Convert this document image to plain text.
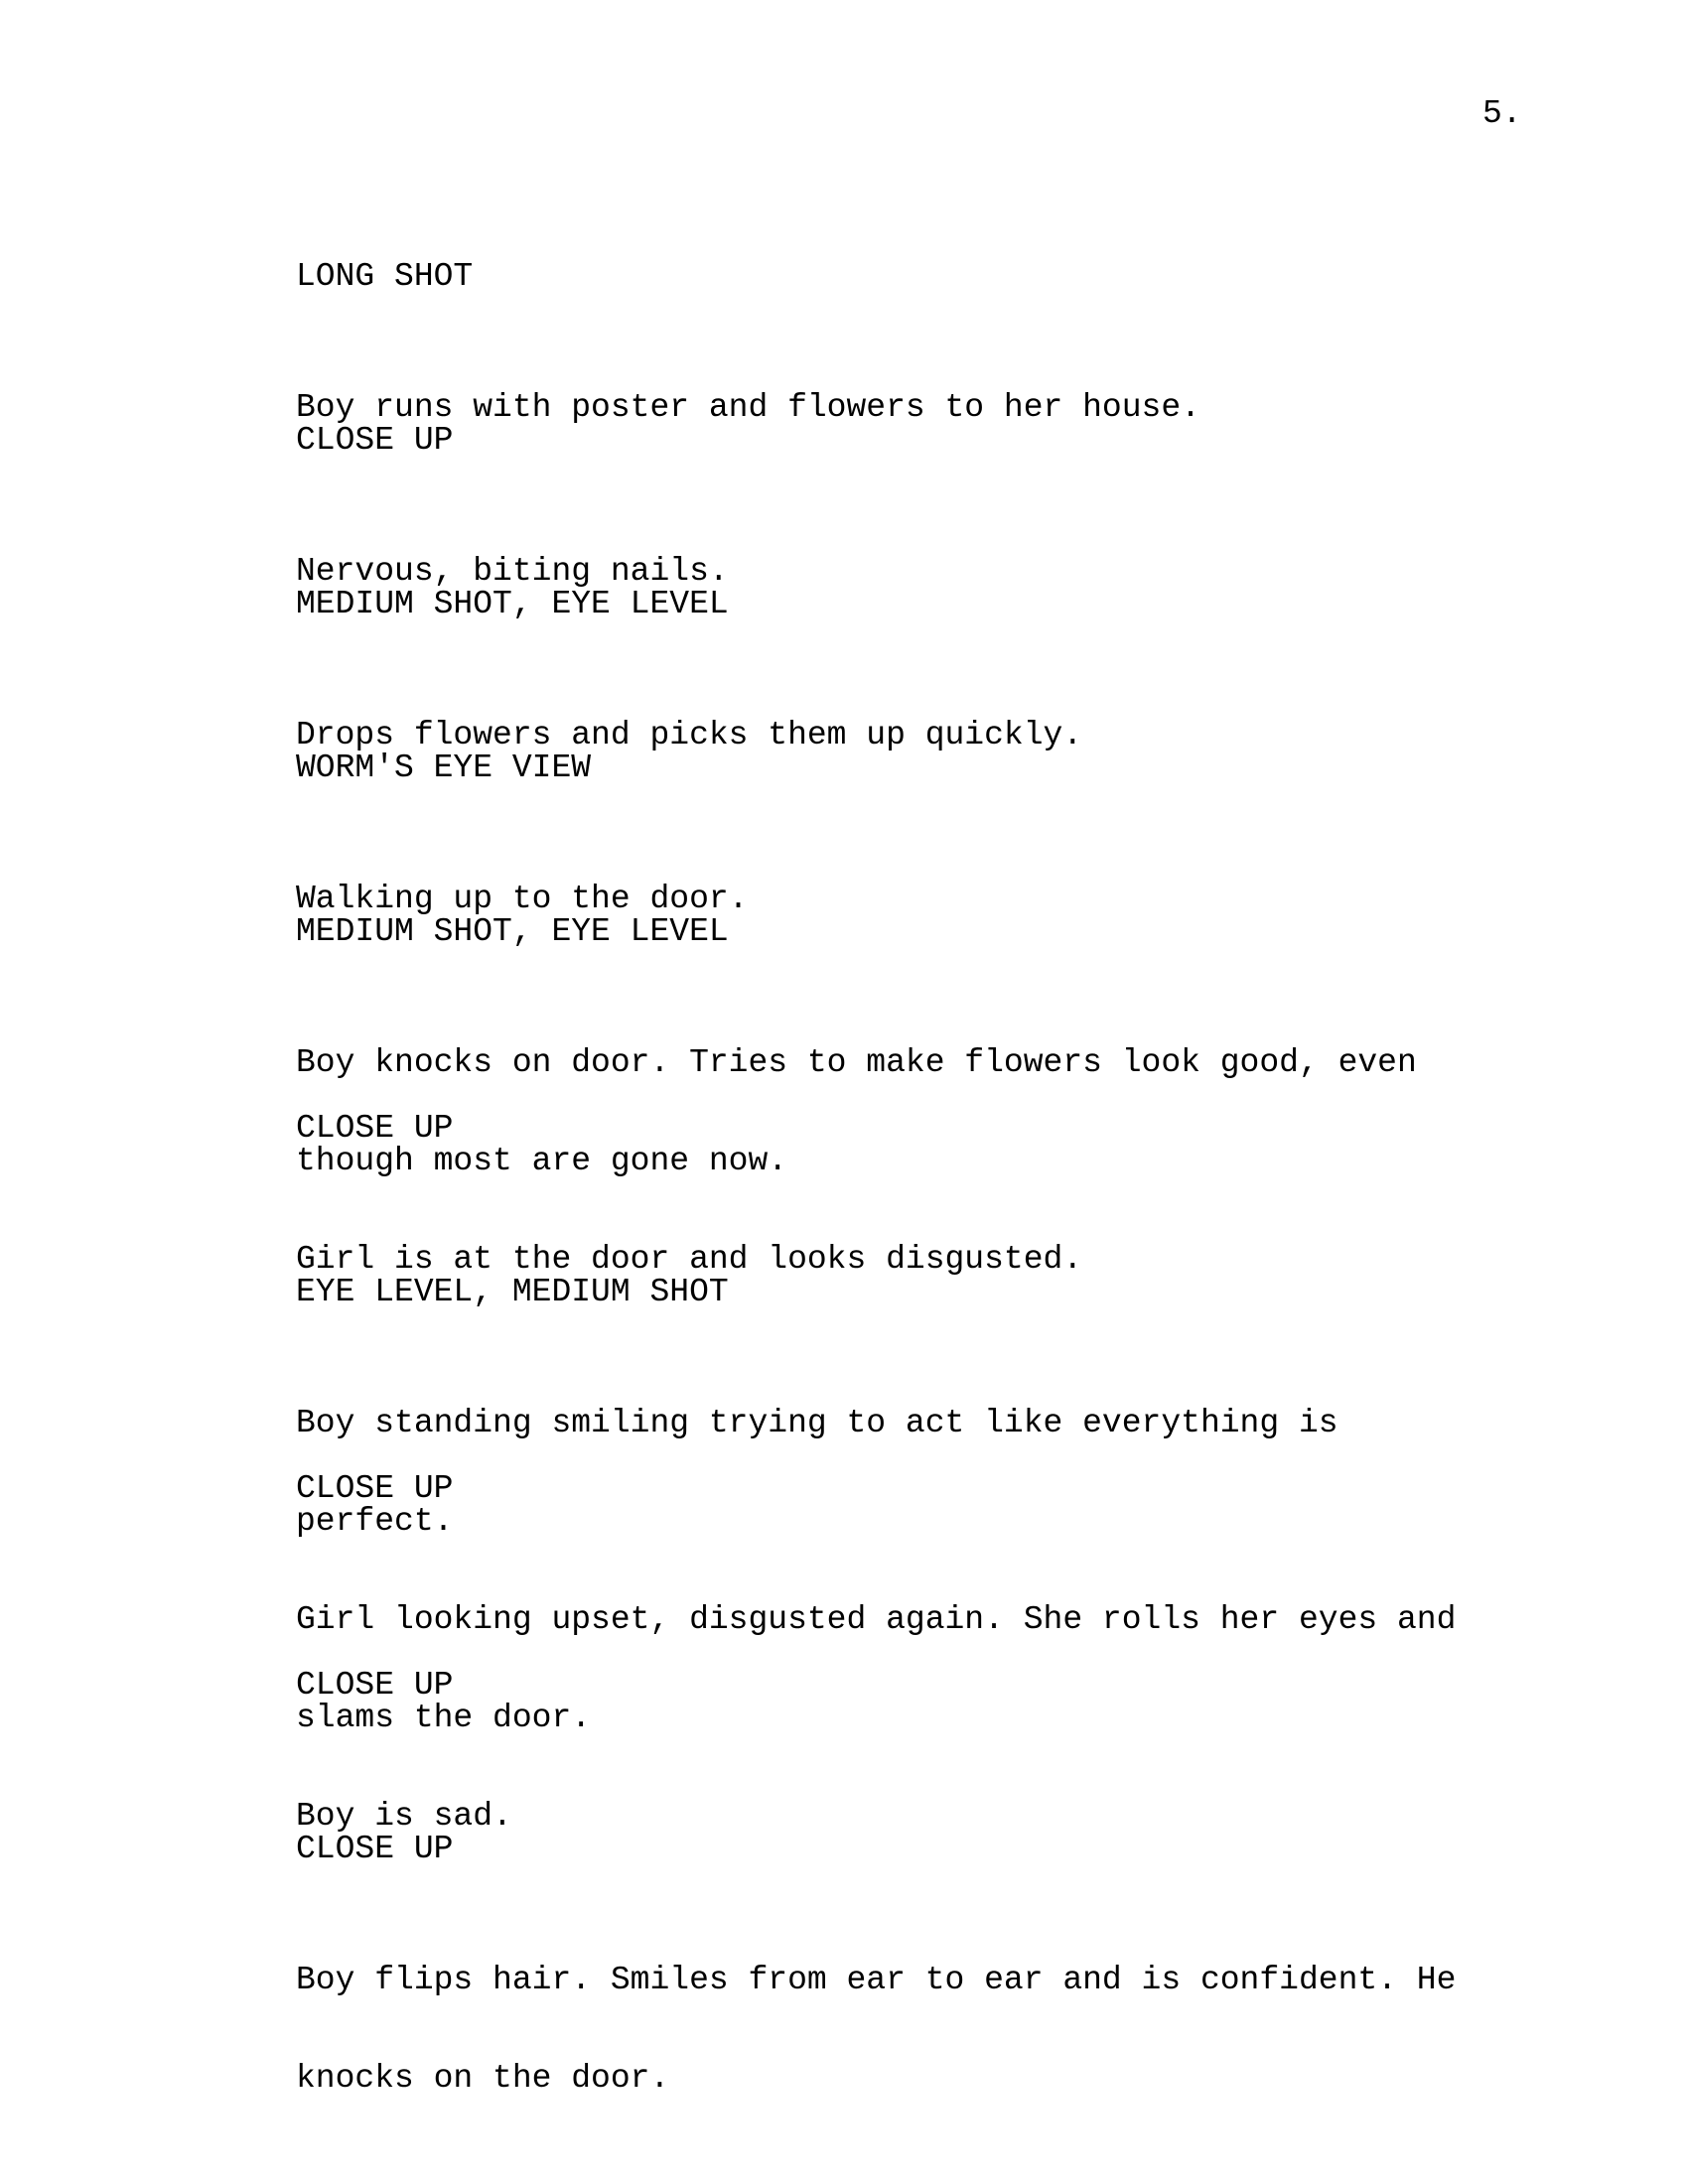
5.

LONG SHOT

Boy runs with poster and flowers to her house.

CLOSE UP

Nervous, biting nails.

MEDIUM SHOT, EYE LEVEL

Drops flowers and picks them up quickly.

WORM'S EYE VIEW

Walking up to the door.

MEDIUM SHOT, EYE LEVEL

Boy knocks on door. Tries to make flowers look good, even

though most are gone now.

CLOSE UP

Girl is at the door and looks disgusted.

EYE LEVEL, MEDIUM SHOT

Boy standing smiling trying to act like everything is

perfect.

CLOSE UP

Girl looking upset, disgusted again. She rolls her eyes and

slams the door.

CLOSE UP

Boy is sad.

CLOSE UP

Boy flips hair. Smiles from ear to ear and is confident. He

knocks on the door.
